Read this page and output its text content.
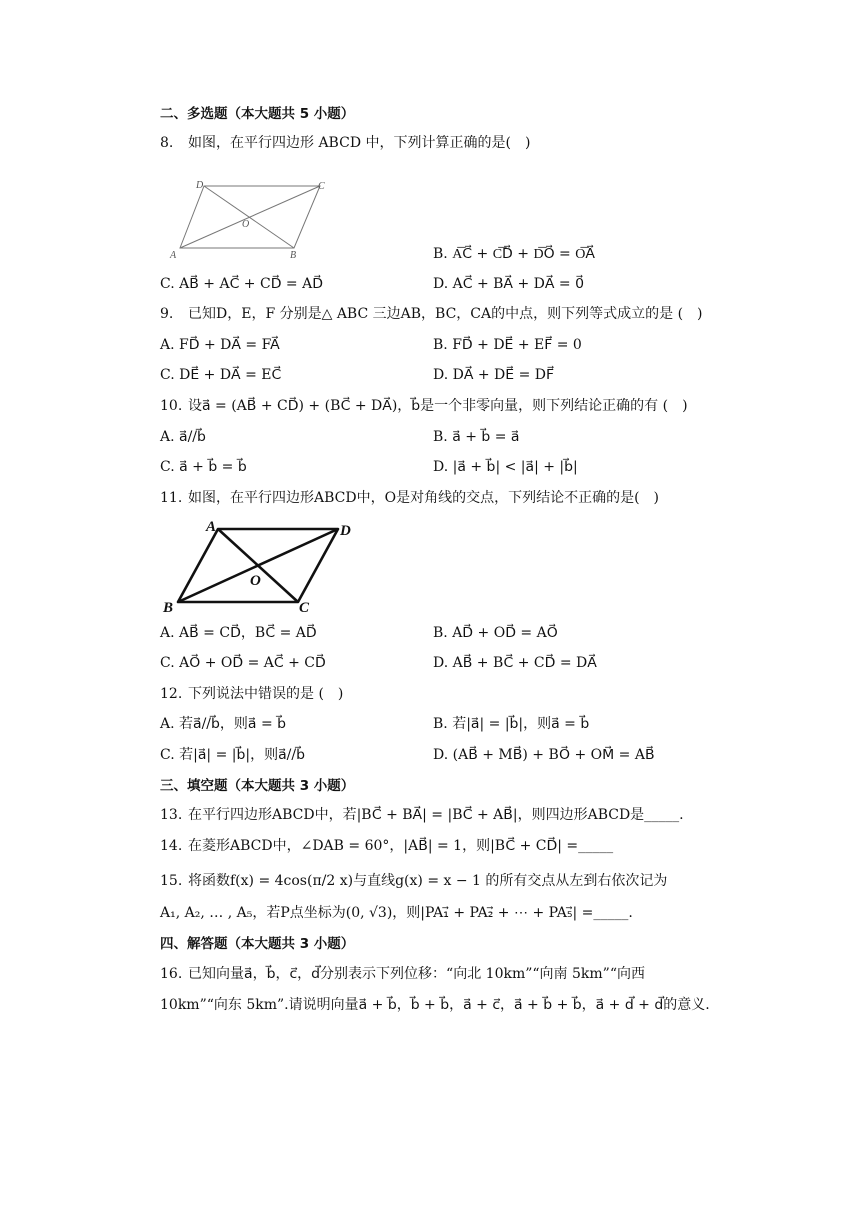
二、多选题（本大题共 5 小题）
8. 如图，在平行四边形 ABCD 中，下列计算正确的是(　)
D	C
O
A	B	B. A͞C⃗ + C͞D⃗ + D͞O⃗ = O͞A⃗
C. AB⃗ + AC⃗ + CD⃗ = AD⃗	D. AC⃗ + BA⃗ + DA⃗ = 0⃗
9. 已知D，E，F 分别是△ ABC 三边AB，BC，CA的中点，则下列等式成立的是 (　)
A. FD⃗ + DA⃗ = FA⃗	B. FD⃗ + DE⃗ + EF⃗ = 0
C. DE⃗ + DA⃗ = EC⃗	D. DA⃗ + DE⃗ = DF⃗
10. 设a⃗ = (AB⃗ + CD⃗) + (BC⃗ + DA⃗)，b⃗是一个非零向量，则下列结论正确的有 (　)
A. a⃗//b⃗	B. a⃗ + b⃗ = a⃗
C. a⃗ + b⃗ = b⃗	D. |a⃗ + b⃗| < |a⃗| + |b⃗|
11. 如图，在平行四边形ABCD中，O是对角线的交点，下列结论不正确的是(　)
A	D
O
B	C
A. AB⃗ = CD⃗，BC⃗ = AD⃗	B. AD⃗ + OD⃗ = AO⃗
C. AO⃗ + OD⃗ = AC⃗ + CD⃗	D. AB⃗ + BC⃗ + CD⃗ = DA⃗
12. 下列说法中错误的是 (　)
A. 若a⃗//b⃗，则a⃗ = b⃗	B. 若|a⃗| = |b⃗|，则a⃗ = b⃗
C. 若|a⃗| = |b⃗|，则a⃗//b⃗	D. (AB⃗ + MB⃗) + BO⃗ + OM⃗ = AB⃗
三、填空题（本大题共 3 小题）
13. 在平行四边形ABCD中，若|BC⃗ + BA⃗| = |BC⃗ + AB⃗|，则四边形ABCD是_____.
14. 在菱形ABCD中，∠DAB = 60°，|AB⃗| = 1，则|BC⃗ + CD⃗| =_____
15. 将函数f(x) = 4cos(π/2 x)与直线g(x) = x − 1 的所有交点从左到右依次记为
A₁, A₂, … , A₅，若P点坐标为(0, √3)，则|PA₁⃗ + PA₂⃗ + ⋯ + PA₅⃗| =_____.
四、解答题（本大题共 3 小题）
16. 已知向量a⃗，b⃗，c⃗，d⃗分别表示下列位移：“向北 10km”“向南 5km”“向西
10km”“向东 5km”.请说明向量a⃗ + b⃗，b⃗ + b⃗，a⃗ + c⃗，a⃗ + b⃗ + b⃗，a⃗ + d⃗ + d⃗的意义.
